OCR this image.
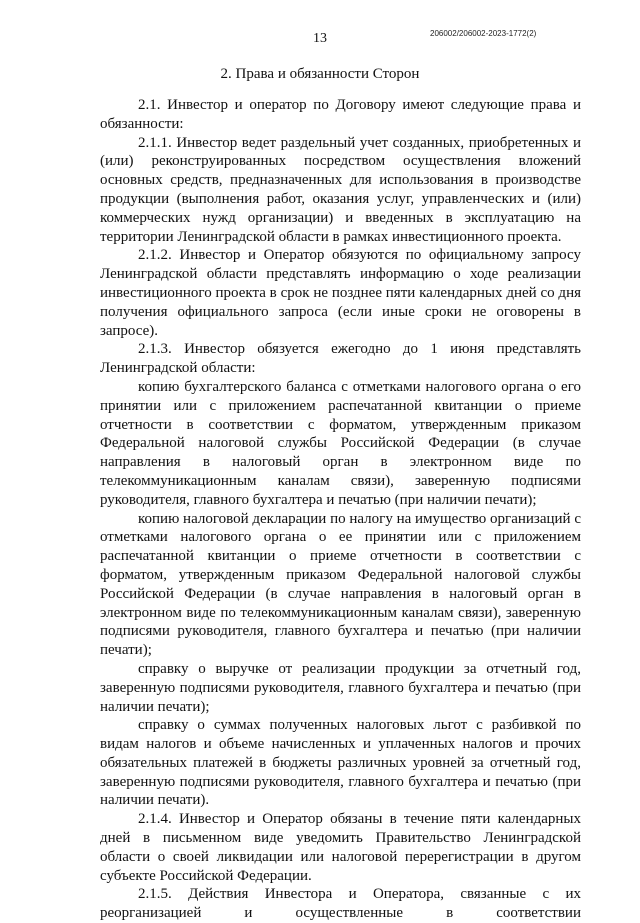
13	206002/206002-2023-1772(2)
2. Права и обязанности Сторон

2.1. Инвестор и оператор по Договору имеют следующие права и обязанности:

2.1.1. Инвестор ведет раздельный учет созданных, приобретенных и (или) реконструированных посредством осуществления вложений основных средств, предназначенных для использования в производстве продукции (выполнения работ, оказания услуг, управленческих и (или) коммерческих нужд организации) и введенных в эксплуатацию на территории Ленинградской области в рамках инвестиционного проекта.

2.1.2. Инвестор и Оператор обязуются по официальному запросу Ленинградской области представлять информацию о ходе реализации инвестиционного проекта в срок не позднее пяти календарных дней со дня получения официального запроса (если иные сроки не оговорены в запросе).

2.1.3. Инвестор обязуется ежегодно до 1 июня представлять Ленинградской области:

копию бухгалтерского баланса с отметками налогового органа о его принятии или с приложением распечатанной квитанции о приеме отчетности в соответствии с форматом, утвержденным приказом Федеральной налоговой службы Российской Федерации (в случае направления в налоговый орган в электронном виде по телекоммуникационным каналам связи), заверенную подписями руководителя, главного бухгалтера и печатью (при наличии печати);

копию налоговой декларации по налогу на имущество организаций с отметками налогового органа о ее принятии или с приложением распечатанной квитанции о приеме отчетности в соответствии с форматом, утвержденным приказом Федеральной налоговой службы Российской Федерации (в случае направления в налоговый орган в электронном виде по телекоммуникационным каналам связи), заверенную подписями руководителя, главного бухгалтера и печатью (при наличии печати);

справку о выручке от реализации продукции за отчетный год, заверенную подписями руководителя, главного бухгалтера и печатью (при наличии печати);

справку о суммах полученных налоговых льгот с разбивкой по видам налогов и объеме начисленных и уплаченных налогов и прочих обязательных платежей в бюджеты различных уровней за отчетный год, заверенную подписями руководителя, главного бухгалтера и печатью (при наличии печати).

2.1.4. Инвестор и Оператор обязаны в течение пяти календарных дней в письменном виде уведомить Правительство Ленинградской области о своей ликвидации или налоговой перерегистрации в другом субъекте Российской Федерации.

2.1.5. Действия Инвестора и Оператора, связанные с их реорганизацией и осуществленные в соответствии
